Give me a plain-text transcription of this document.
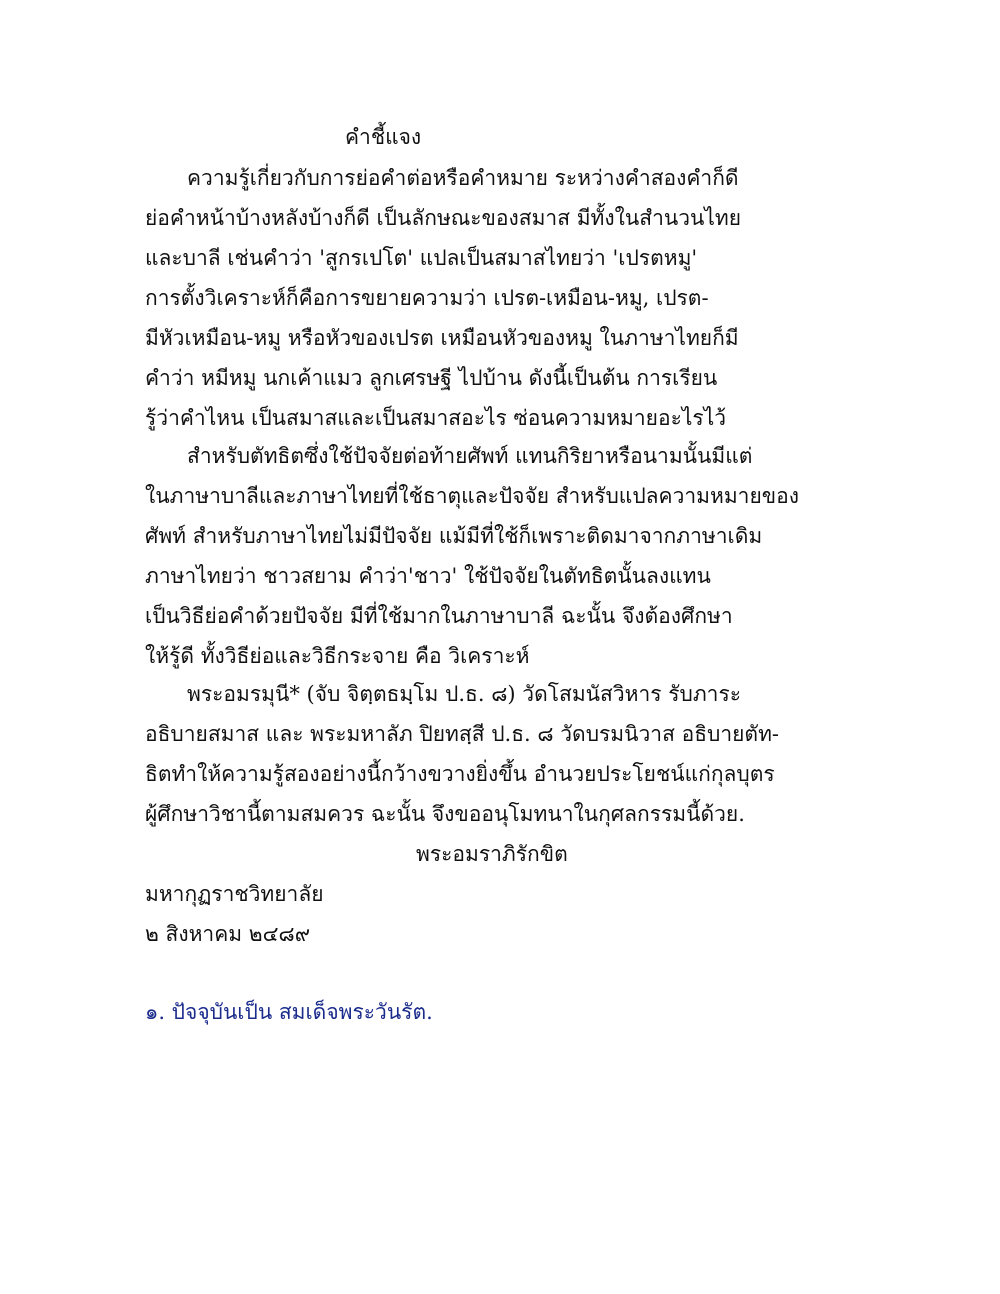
คำชี้แจง
ความรู้เกี่ยวกับการย่อคำต่อหรือคำหมาย ระหว่างคำสองคำก็ดี
ย่อคำหน้าบ้างหลังบ้างก็ดี เป็นลักษณะของสมาส มีทั้งในสำนวนไทย
และบาลี เช่นคำว่า 'สูกรเปโต' แปลเป็นสมาสไทยว่า 'เปรตหมู'
การตั้งวิเคราะห์ก็คือการขยายความว่า เปรต-เหมือน-หมู, เปรต-
มีหัวเหมือน-หมู หรือหัวของเปรต เหมือนหัวของหมู ในภาษาไทยก็มี
คำว่า หมีหมู นกเค้าแมว ลูกเศรษฐี ไปบ้าน ดังนี้เป็นต้น การเรียน
รู้ว่าคำไหน เป็นสมาสและเป็นสมาสอะไร ซ่อนความหมายอะไรไว้
สำหรับตัทธิตซึ่งใช้ปัจจัยต่อท้ายศัพท์ แทนกิริยาหรือนามนั้นมีแต่
ในภาษาบาลีและภาษาไทยที่ใช้ธาตุและปัจจัย สำหรับแปลความหมายของ
ศัพท์ สำหรับภาษาไทยไม่มีปัจจัย แม้มีที่ใช้ก็เพราะติดมาจากภาษาเดิม
ภาษาไทยว่า ชาวสยาม คำว่า'ชาว' ใช้ปัจจัยในตัทธิตนั้นลงแทน
เป็นวิธีย่อคำด้วยปัจจัย มีที่ใช้มากในภาษาบาลี ฉะนั้น จึงต้องศึกษา
ให้รู้ดี ทั้งวิธีย่อและวิธีกระจาย คือ วิเคราะห์
พระอมรมุนี* (จับ จิตฺตธมฺโม ป.ธ. ๘) วัดโสมนัสวิหาร รับภาระ
อธิบายสมาส และ พระมหาลัภ ปิยทสฺสี ป.ธ. ๘ วัดบรมนิวาส อธิบายตัท-
ธิตทำให้ความรู้สองอย่างนี้กว้างขวางยิ่งขึ้น อำนวยประโยชน์แก่กุลบุตร
ผู้ศึกษาวิชานี้ตามสมควร ฉะนั้น จึงขออนุโมทนาในกุศลกรรมนี้ด้วย.
พระอมราภิรักขิต
มหากุฏราชวิทยาลัย
๒ สิงหาคม ๒๔๘๙
๑. ปัจจุบันเป็น สมเด็จพระวันรัต.
